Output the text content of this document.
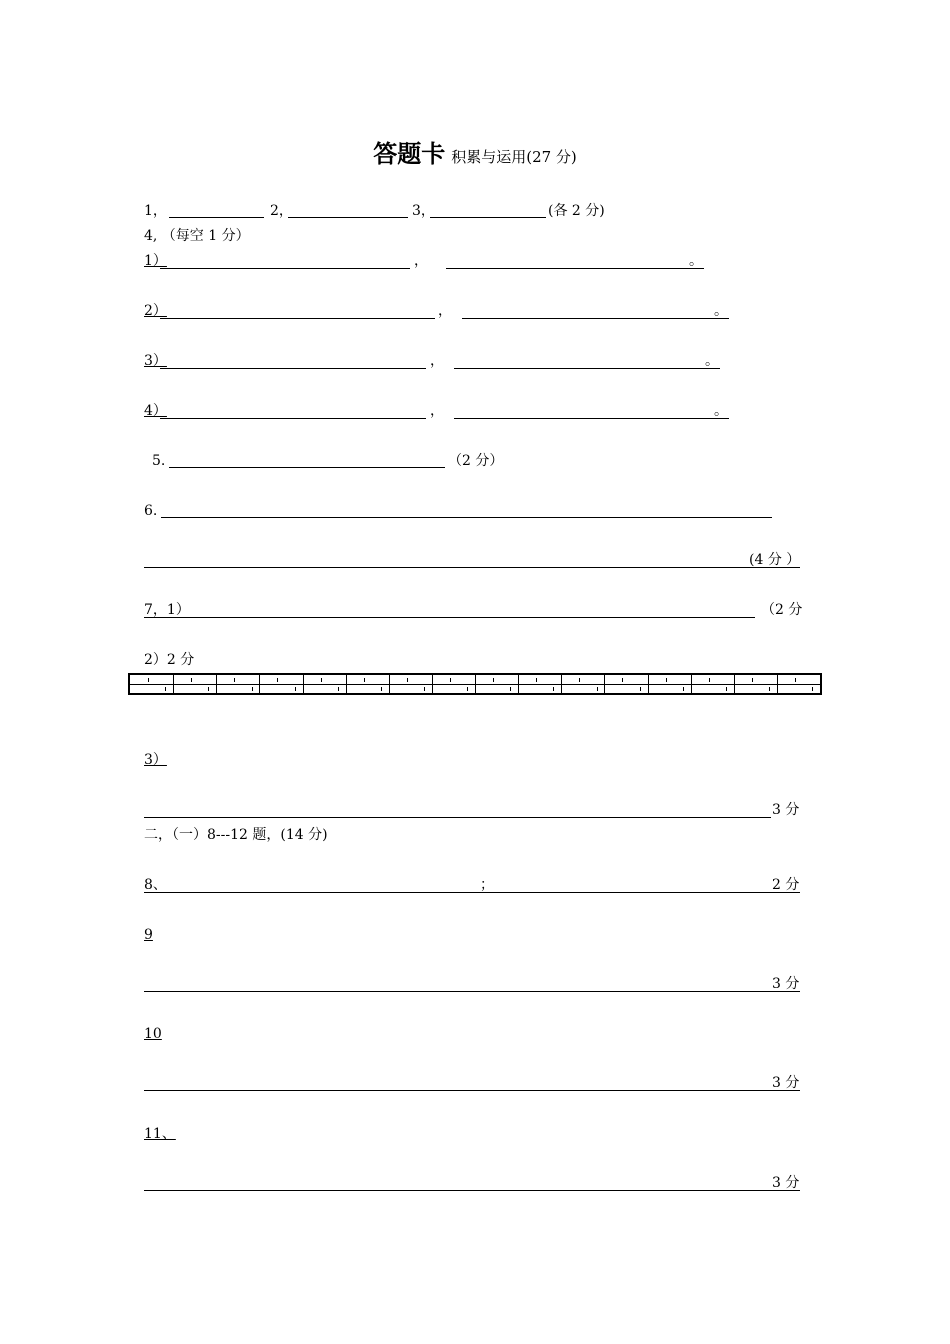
答题卡 积累与运用(27 分)
1，	2，	3，	(各 2 分)
4, （每空 1 分）
1）	，	。
2）	，	。
3）	，	。
4）	，	。
5.	（2 分）
6.
(4 分 ）
7，1）	（2 分
2）2 分
3）
3 分
二，（一）8---12 题，(14 分)
8、	；	2 分
9
3 分
10
3 分
11、
3 分
